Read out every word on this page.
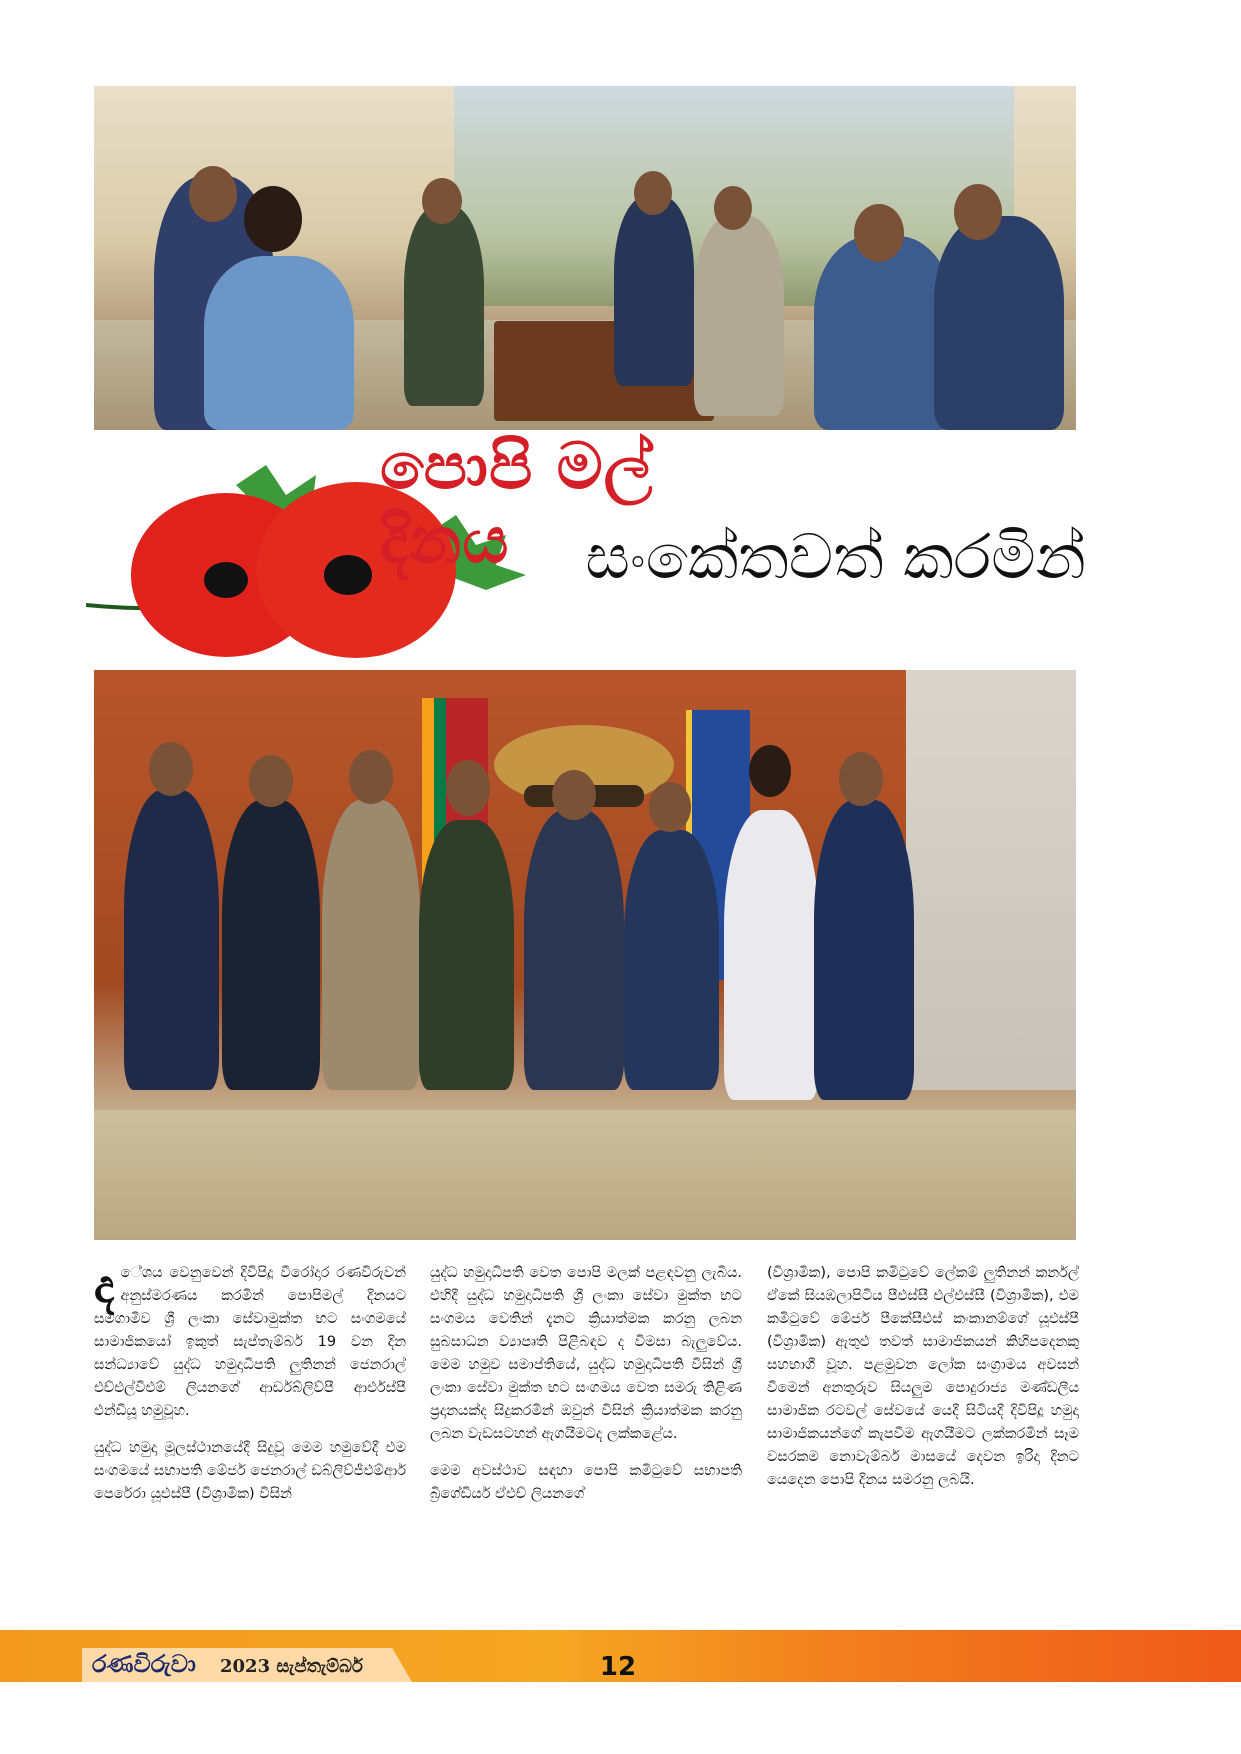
පොපි මල් දිනය	සංකේතවත් කරමින්

ද ේශය වෙනුවෙන් දිවිපිදූ වීරෝදාර රණවිරුවන් අනුස්මරණය කරමින් පොපිමල් දිනයට සමගාමීව ශ්‍රී ලංකා සේවාමුක්ත භට සංගමයේ සාමාජිකයෝ ඉකුත් සැප්තැම්බර් 19 වන දින සන්ධ්‍යාවේ යුද්ධ හමුදාධිපති ලුතිනන් ජෙනරාල් එච්එල්වීඑම් ලියනගේ ආර්ඩබ්ලිව්පී ආර්එස්පී එන්ඩීයූ හමුවූහ.

යුද්ධ හමුදා මූලස්ථානයේදී සිදුවූ මෙම හමුවේදී එම සංගමයේ සභාපති මේජර් ජෙනරාල් ඩබ්ලිව්ජීඑම්ආර් පෙරේරා යූඑස්පී (විශ්‍රාමික) විසින්

යුද්ධ හමුදාධිපති වෙත පොපි මලක් පළඳවනු ලැබීය. එහිදී යුද්ධ හමුදාධිපති ශ්‍රී ලංකා සේවා මුක්ත භට සංගමය වෙතින් දැනට ක්‍රියාත්මක කරනු ලබන සුබසාධන ව්‍යාපෘති පිළිබඳව ද විමසා බැලුවේය. මෙම හමුව සමාප්තියේ, යුද්ධ හමුදාධිපති විසින් ශ්‍රී ලංකා සේවා මුක්ත භට සංගමය වෙත සමරු තිළිණ ප්‍රදානයක්ද සිදුකරමින් ඔවුන් විසින් ක්‍රියාත්මක කරනු ලබන වැඩසටහන් ඇගයීමටද ලක්කළේය.

මෙම අවස්ථාව සඳහා පොපි කමිටුවේ සභාපති බ්‍රිගේඩියර් ඒඑච් ලියනගේ

(විශ්‍රාමික), පොපි කමිටුවේ ලේකම් ලුතිනන් කර්නල් ඒකේ සියඹලාපිටිය පීඑස්සී එල්එස්සී (විශ්‍රාමික), එම කමිටුවේ මේජර් පීකේසීඑස් කංකානම්ගේ යූඑස්පී (විශ්‍රාමික) ඇතුළු තවත් සාමාජිකයන් කිහිපදෙනකු සහභාගී වූහ. පළමුවන ලෝක සංග්‍රාමය අවසන් වීමෙන් අනතුරුව සියලුම පොදුරාජ්‍ය මණ්ඩලීය සාමාජික රටවල් සේවයේ යෙදී සිටියදී දිවිපිදූ හමුදා සාමාජිකයන්ගේ කැපවීම ඇගයීමට ලක්කරමින් සෑම වසරකම නොවැම්බර් මාසයේ දෙවන ඉරිදා දිනට යෙදෙන පොපි දිනය සමරනු ලබයි.

රණවිරුවා 2023 සැප්තැම්බර්	12
